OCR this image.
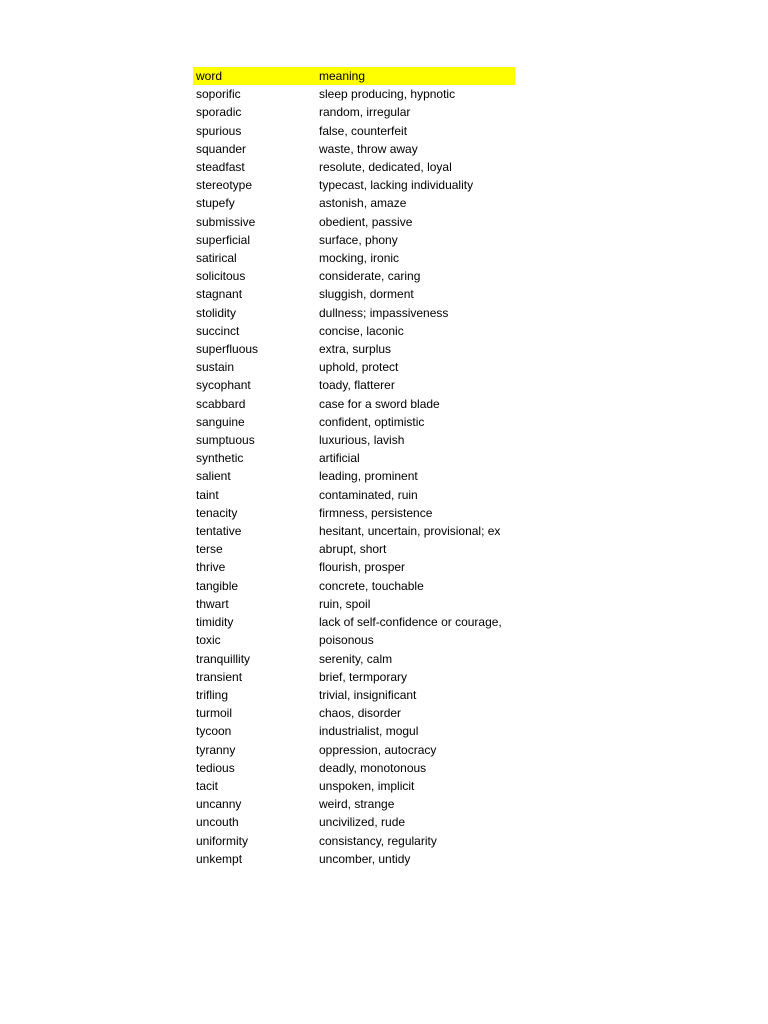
word	meaning
soporific	sleep producing, hypnotic
sporadic	random, irregular
spurious	false, counterfeit
squander	waste, throw away
steadfast	resolute, dedicated, loyal
stereotype	typecast, lacking individuality
stupefy	astonish, amaze
submissive	obedient, passive
superficial	surface, phony
satirical	mocking, ironic
solicitous	considerate, caring
stagnant	sluggish, dorment
stolidity	dullness; impassiveness
succinct	concise, laconic
superfluous	extra, surplus
sustain	uphold, protect
sycophant	toady, flatterer
scabbard	case for a sword blade
sanguine	confident, optimistic
sumptuous	luxurious, lavish
synthetic	artificial
salient	leading, prominent
taint	contaminated, ruin
tenacity	firmness, persistence
tentative	hesitant, uncertain, provisional; ex
terse	abrupt, short
thrive	flourish, prosper
tangible	concrete, touchable
thwart	ruin, spoil
timidity	lack of self-confidence or courage,
toxic	poisonous
tranquillity	serenity, calm
transient	brief, termporary
trifling	trivial, insignificant
turmoil	chaos, disorder
tycoon	industrialist, mogul
tyranny	oppression, autocracy
tedious	deadly, monotonous
tacit	unspoken, implicit
uncanny	weird, strange
uncouth	uncivilized, rude
uniformity	consistancy, regularity
unkempt	uncomber, untidy
